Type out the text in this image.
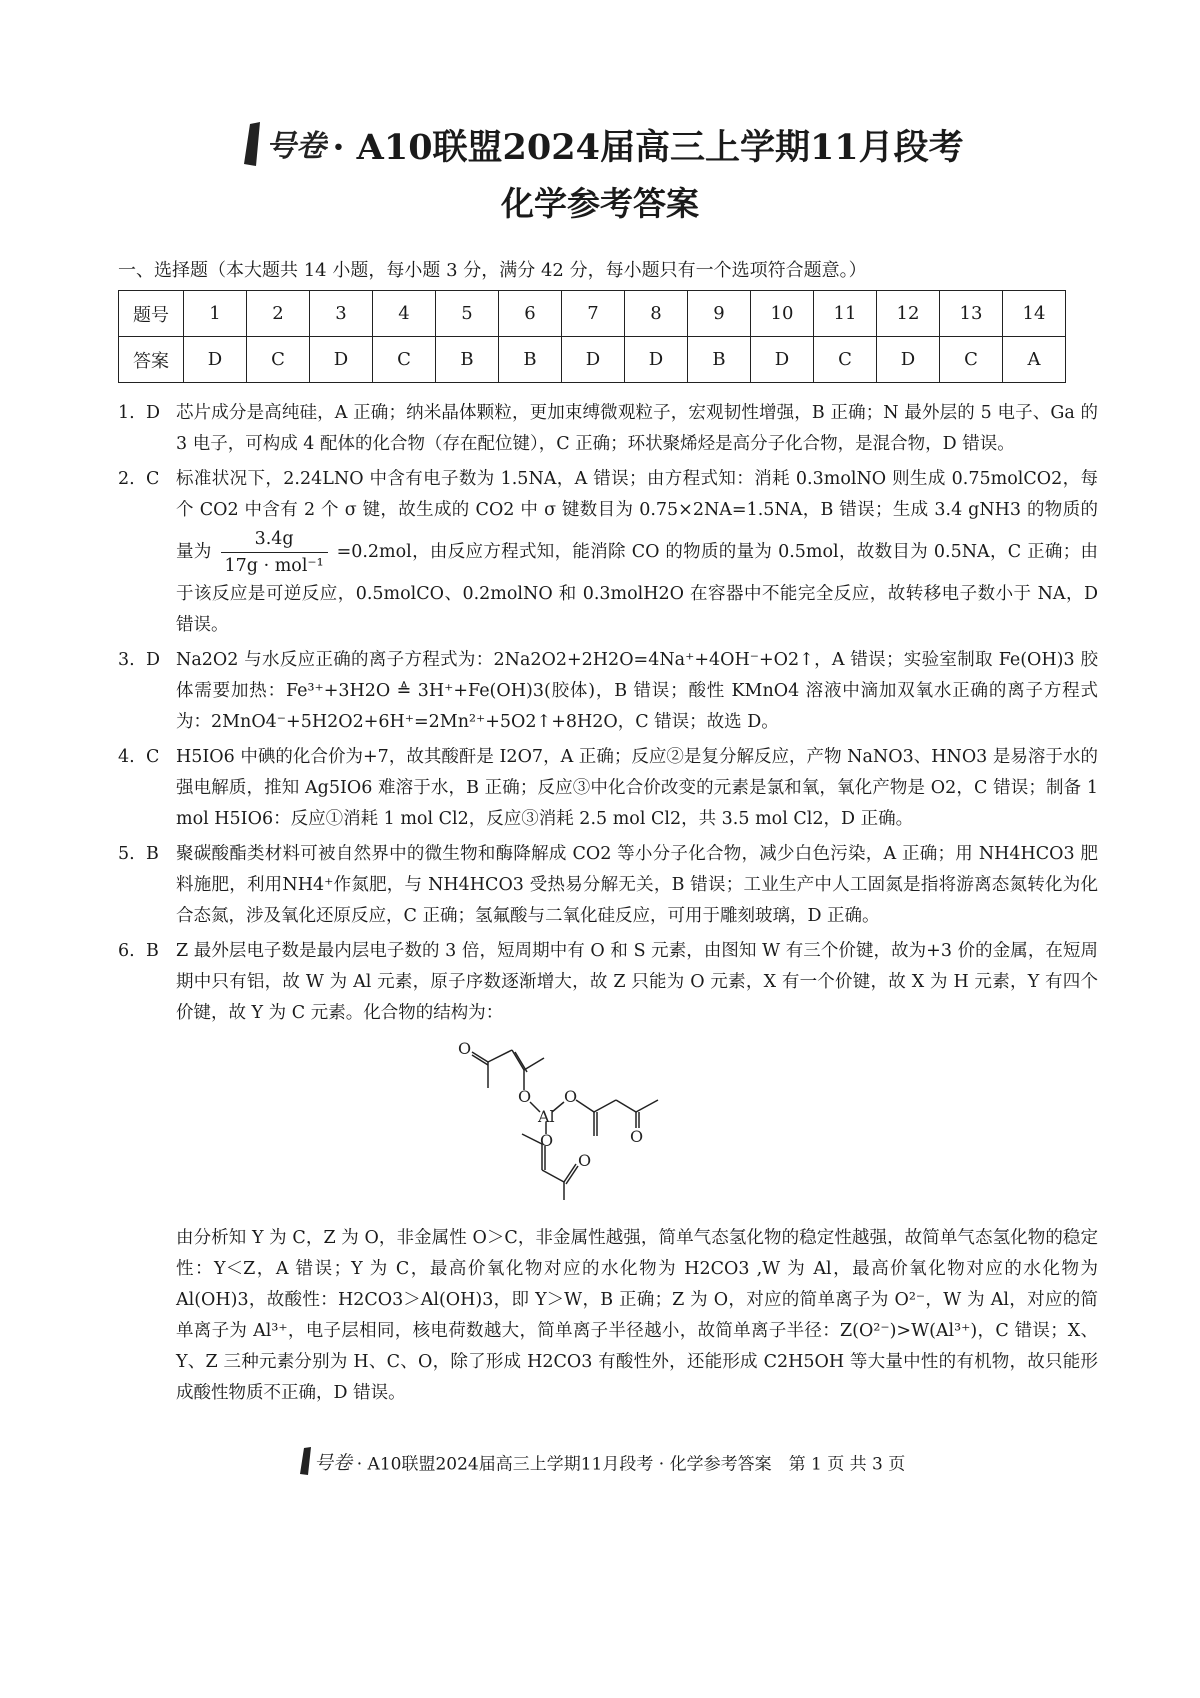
号卷 · A10联盟2024届高三上学期11月段考
化学参考答案
一、选择题（本大题共 14 小题，每小题 3 分，满分 42 分，每小题只有一个选项符合题意。）
题号	1	2	3	4	5	6	7	8	9	10	11	12	13	14
答案	D	C	D	C	B	B	D	D	B	D	C	D	C	A
1. D 芯片成分是高纯硅，A 正确；纳米晶体颗粒，更加束缚微观粒子，宏观韧性增强，B 正确；N 最外层的 5 电子、Ga 的 3 电子，可构成 4 配体的化合物（存在配位键），C 正确；环状聚烯烃是高分子化合物，是混合物，D 错误。
2. C 标准状况下，2.24LNO 中含有电子数为 1.5NA，A 错误；由方程式知：消耗 0.3molNO 则生成 0.75molCO2，每个 CO2 中含有 2 个 σ 键，故生成的 CO2 中 σ 键数目为 0.75×2NA=1.5NA，B 错误；生成 3.4 gNH3 的物质的量为 $\frac{3.4g}{\text{17g · mol⁻¹}} =0.2mol$，由反应方程式知，能消除 CO 的物质的量为 0.5mol，故数目为 0.5NA，C 正确；由于该反应是可逆反应，0.5molCO、0.2molNO 和 0.3molH2O 在容器中不能完全反应，故转移电子数小于 NA，D 错误。
3. D Na2O2 与水反应正确的离子方程式为：2Na2O2+2H2O=4Na⁺+4OH⁻+O2↑，A 错误；实验室制取 Fe(OH)3 胶体需要加热：Fe³⁺+3H2O ≜ 3H⁺+Fe(OH)3(胶体)，B 错误；酸性 KMnO4 溶液中滴加双氧水正确的离子方程式为：2MnO4⁻+5H2O2+6H⁺=2Mn²⁺+5O2↑+8H2O，C 错误；故选 D。
4. C H5IO6 中碘的化合价为+7，故其酸酐是 I2O7，A 正确；反应②是复分解反应，产物 NaNO3、HNO3 是易溶于水的强电解质，推知 Ag5IO6 难溶于水，B 正确；反应③中化合价改变的元素是氯和氧，氧化产物是 O2，C 错误；制备 1 mol H5IO6：反应①消耗 1 mol Cl2，反应③消耗 2.5 mol Cl2，共 3.5 mol Cl2，D 正确。
5. B 聚碳酸酯类材料可被自然界中的微生物和酶降解成 CO2 等小分子化合物，减少白色污染，A 正确；用 NH4HCO3 肥料施肥，利用NH4⁺作氮肥，与 NH4HCO3 受热易分解无关，B 错误；工业生产中人工固氮是指将游离态氮转化为化合态氮，涉及氧化还原反应，C 正确；氢氟酸与二氧化硅反应，可用于雕刻玻璃，D 正确。
6. B Z 最外层电子数是最内层电子数的 3 倍，短周期中有 O 和 S 元素，由图知 W 有三个价键，故为+3 价的金属，在短周期中只有铝，故 W 为 Al 元素，原子序数逐渐增大，故 Z 只能为 O 元素，X 有一个价键，故 X 为 H 元素，Y 有四个价键，故 Y 为 C 元素。化合物的结构为：
由分析知 Y 为 C，Z 为 O，非金属性 O＞C，非金属性越强，简单气态氢化物的稳定性越强，故简单气态氢化物的稳定性：Y＜Z，A 错误；Y 为 C，最高价氧化物对应的水化物为 H2CO3 ,W 为 Al，最高价氧化物对应的水化物为 Al(OH)3，故酸性：H2CO3＞Al(OH)3，即 Y＞W，B 正确；Z 为 O，对应的简单离子为 O²⁻，W 为 Al，对应的简单离子为 Al³⁺，电子层相同，核电荷数越大，简单离子半径越小，故简单离子半径：Z(O²⁻)>W(Al³⁺)，C 错误；X、Y、Z 三种元素分别为 H、C、O，除了形成 H2CO3 有酸性外，还能形成 C2H5OH 等大量中性的有机物，故只能形成酸性物质不正确，D 错误。
O
O
Al
O
O
O
O
号卷 · A10联盟2024届高三上学期11月段考 · 化学参考答案　第 1 页 共 3 页
